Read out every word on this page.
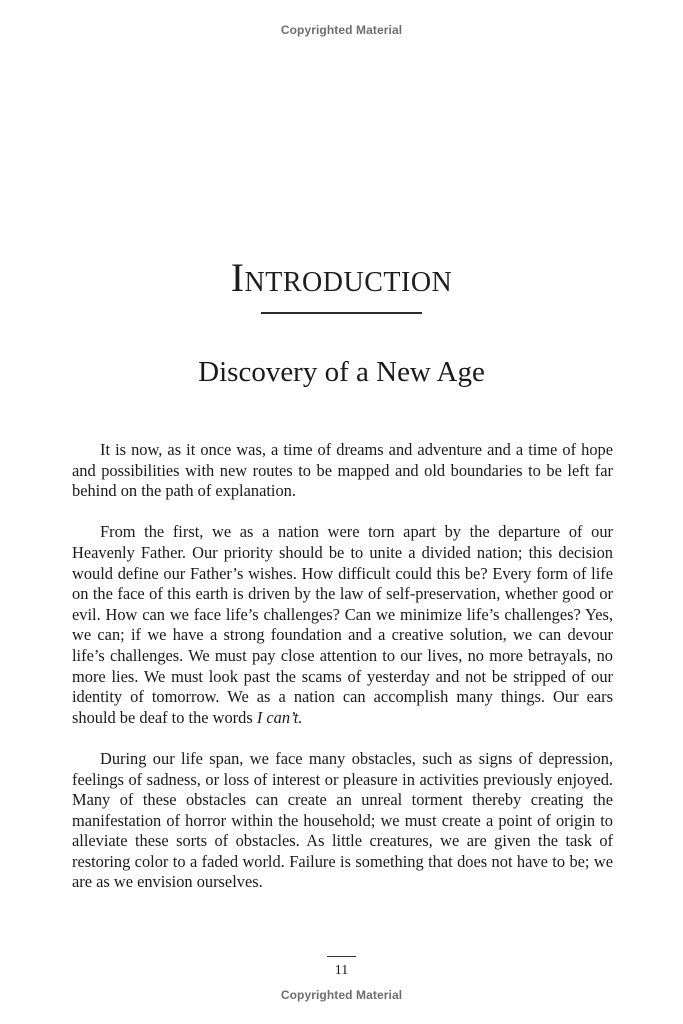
Copyrighted Material
Introduction
Discovery of a New Age

It is now, as it once was, a time of dreams and adventure and a time of hope and possibilities with new routes to be mapped and old boundaries to be left far behind on the path of explanation.

From the first, we as a nation were torn apart by the departure of our Heavenly Father. Our priority should be to unite a divided nation; this decision would define our Father’s wishes. How difficult could this be? Every form of life on the face of this earth is driven by the law of self-preservation, whether good or evil. How can we face life’s challenges? Can we minimize life’s challenges? Yes, we can; if we have a strong foundation and a creative solution, we can devour life’s challenges. We must pay close attention to our lives, no more betrayals, no more lies. We must look past the scams of yesterday and not be stripped of our identity of tomorrow. We as a nation can accomplish many things. Our ears should be deaf to the words I can’t.

During our life span, we face many obstacles, such as signs of depression, feelings of sadness, or loss of interest or pleasure in activities previously enjoyed. Many of these obstacles can create an unreal torment thereby creating the manifestation of horror within the household; we must create a point of origin to alleviate these sorts of obstacles. As little creatures, we are given the task of restoring color to a faded world. Failure is something that does not have to be; we are as we envision ourselves.

11
Copyrighted Material
